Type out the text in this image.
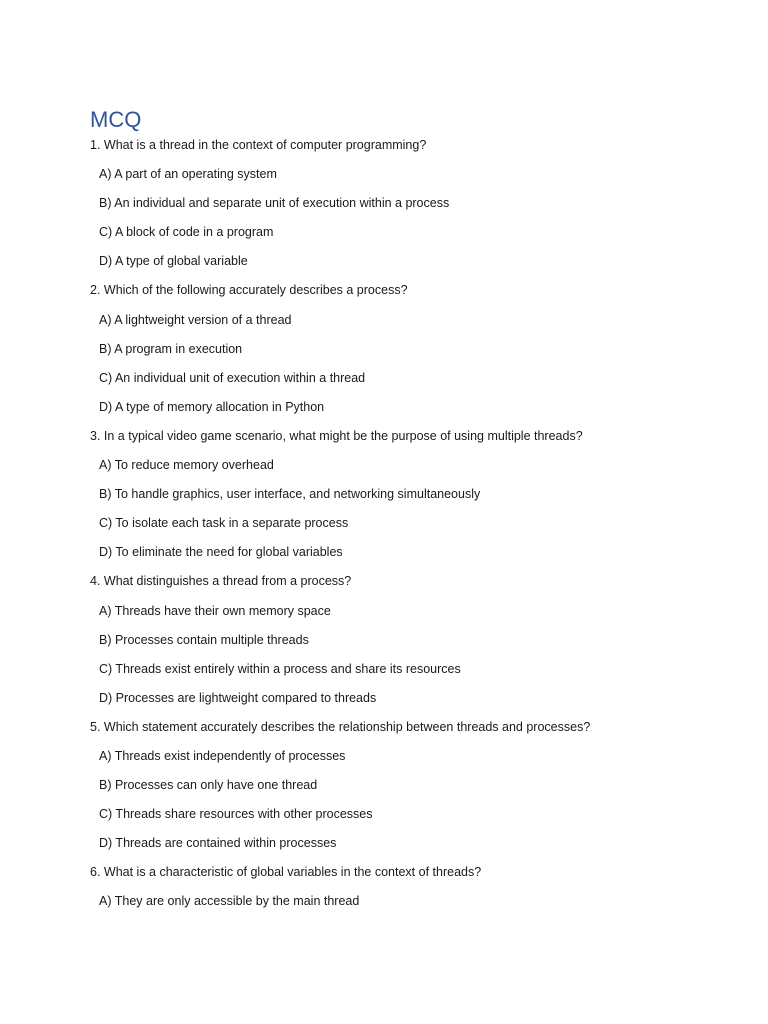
MCQ
1. What is a thread in the context of computer programming?
A) A part of an operating system
B) An individual and separate unit of execution within a process
C) A block of code in a program
D) A type of global variable
2. Which of the following accurately describes a process?
A) A lightweight version of a thread
B) A program in execution
C) An individual unit of execution within a thread
D) A type of memory allocation in Python
3. In a typical video game scenario, what might be the purpose of using multiple threads?
A) To reduce memory overhead
B) To handle graphics, user interface, and networking simultaneously
C) To isolate each task in a separate process
D) To eliminate the need for global variables
4. What distinguishes a thread from a process?
A) Threads have their own memory space
B) Processes contain multiple threads
C) Threads exist entirely within a process and share its resources
D) Processes are lightweight compared to threads
5. Which statement accurately describes the relationship between threads and processes?
A) Threads exist independently of processes
B) Processes can only have one thread
C) Threads share resources with other processes
D) Threads are contained within processes
6. What is a characteristic of global variables in the context of threads?
A) They are only accessible by the main thread
